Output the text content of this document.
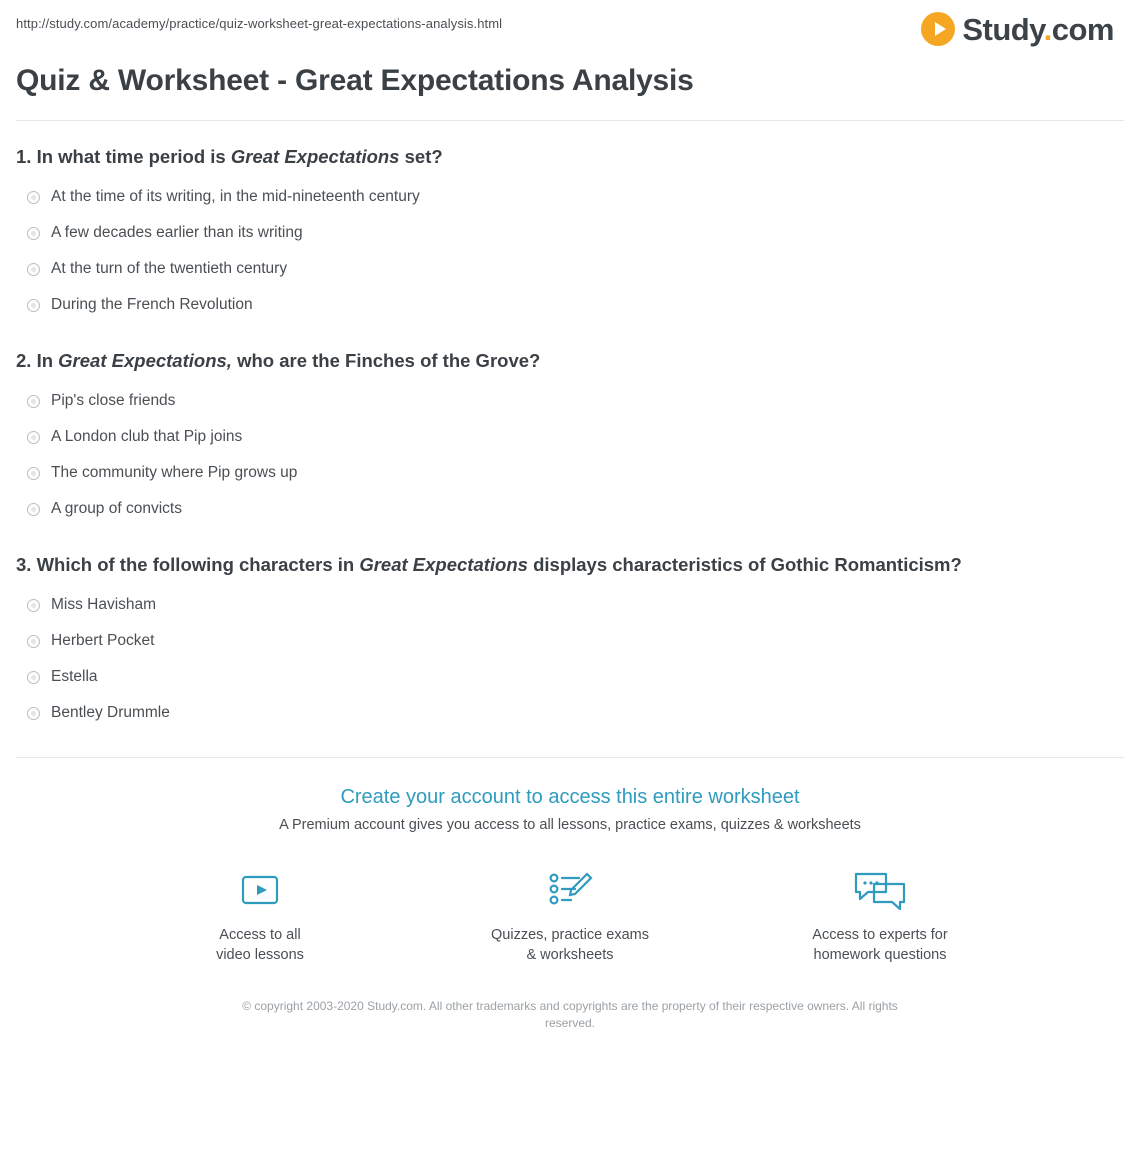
http://study.com/academy/practice/quiz-worksheet-great-expectations-analysis.html	Study.com
Quiz & Worksheet - Great Expectations Analysis

1. In what time period is Great Expectations set?

At the time of its writing, in the mid-nineteenth century
A few decades earlier than its writing
At the turn of the twentieth century
During the French Revolution

2. In Great Expectations, who are the Finches of the Grove?

Pip's close friends
A London club that Pip joins
The community where Pip grows up
A group of convicts

3. Which of the following characters in Great Expectations displays characteristics of Gothic Romanticism?

Miss Havisham
Herbert Pocket
Estella
Bentley Drummle
Create your account to access this entire worksheet

A Premium account gives you access to all lessons, practice exams, quizzes & worksheets

Access to all
video lessons
Quizzes, practice exams
& worksheets
Access to experts for
homework questions
© copyright 2003-2020 Study.com. All other trademarks and copyrights are the property of their respective owners. All rights reserved.
